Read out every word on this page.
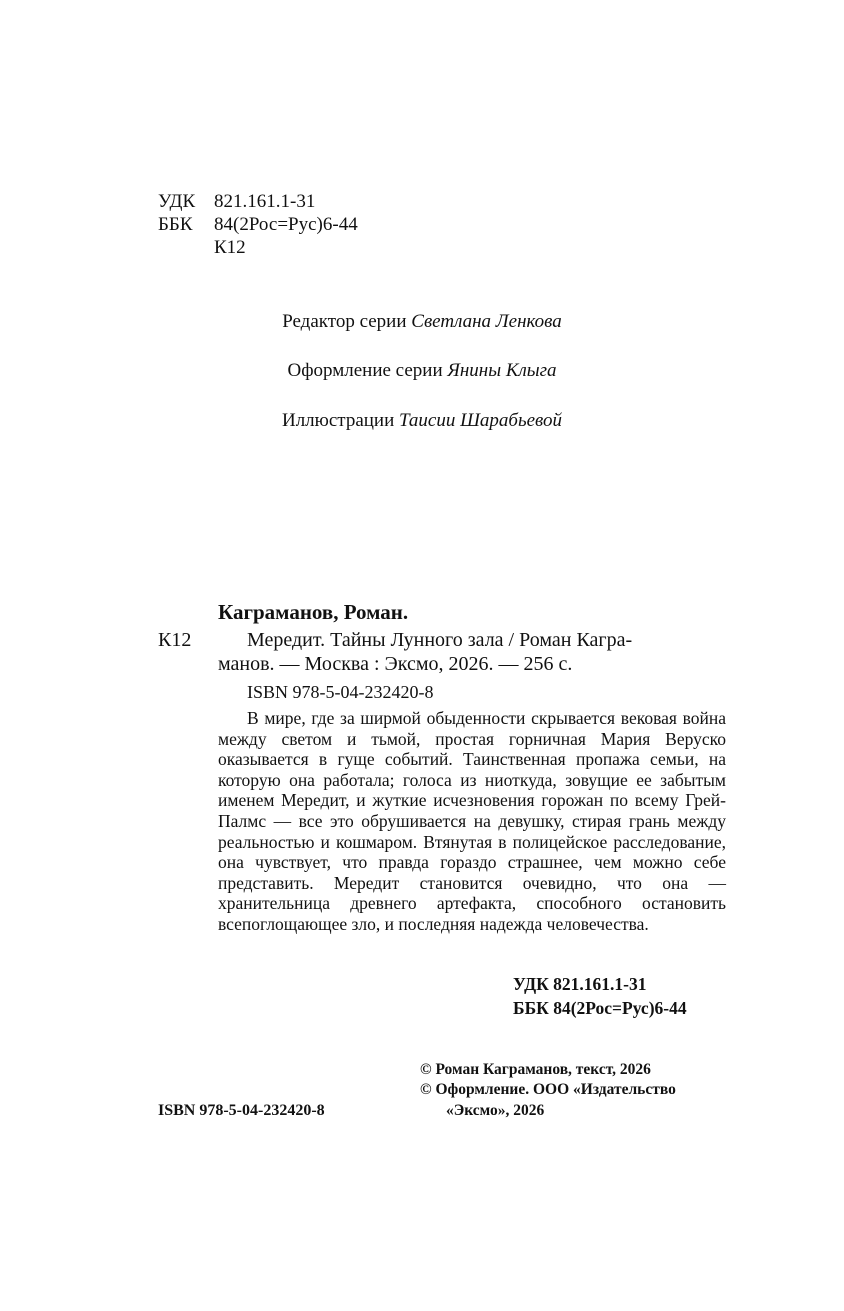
УДК 821.161.1-31
ББК 84(2Рос=Рус)6-44
К12
Редактор серии Светлана Ленкова
Оформление серии Янины Клыга
Иллюстрации Таисии Шарабьевой
Каграманов, Роман.
К12	Мередит. Тайны Лунного зала / Роман Кагра-
манов. — Москва : Эксмо, 2026. — 256 с.
ISBN 978-5-04-232420-8

В мире, где за ширмой обыденности скрывается вековая война между светом и тьмой, простая горничная Мария Веруско оказывается в гуще событий. Таинственная пропажа семьи, на которую она работала; голоса из ниоткуда, зовущие ее забытым именем Мередит, и жуткие исчезновения горожан по всему Грей-Палмс — все это обрушивается на девушку, стирая грань между реальностью и кошмаром. Втянутая в полицейское расследование, она чувствует, что правда гораздо страшнее, чем можно себе представить. Мередит становится очевидно, что она — хранительница древнего артефакта, способного остановить всепоглощающее зло, и последняя надежда человечества.

УДК 821.161.1-31
ББК 84(2Рос=Рус)6-44
© Роман Каграманов, текст, 2026
© Оформление. ООО «Издательство
«Эксмо», 2026
ISBN 978-5-04-232420-8
